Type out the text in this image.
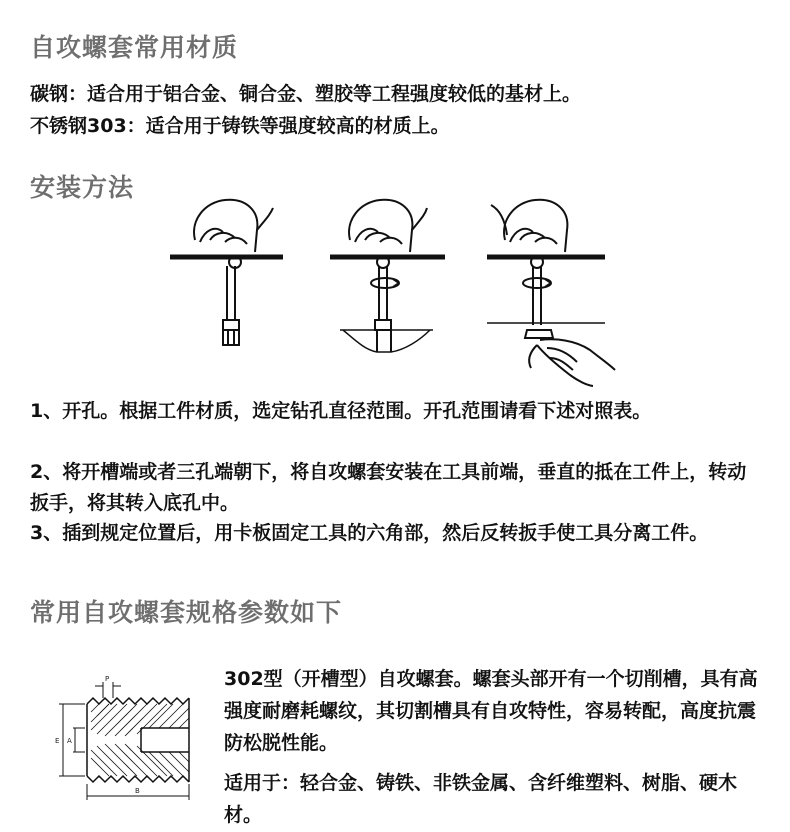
自攻螺套常用材质
碳钢：适合用于铝合金、铜合金、塑胶等工程强度较低的基材上。
不锈钢303：适合用于铸铁等强度较高的材质上。
安装方法
1、开孔。根据工件材质，选定钻孔直径范围。开孔范围请看下述对照表。
2、将开槽端或者三孔端朝下，将自攻螺套安装在工具前端，垂直的抵在工件上，转动扳手，将其转入底孔中。
3、插到规定位置后，用卡板固定工具的六角部，然后反转扳手使工具分离工件。
常用自攻螺套规格参数如下
P
E A
B
302型（开槽型）自攻螺套。螺套头部开有一个切削槽，具有高强度耐磨耗螺纹，其切割槽具有自攻特性，容易转配，高度抗震防松脱性能。
适用于：轻合金、铸铁、非铁金属、含纤维塑料、树脂、硬木材。
